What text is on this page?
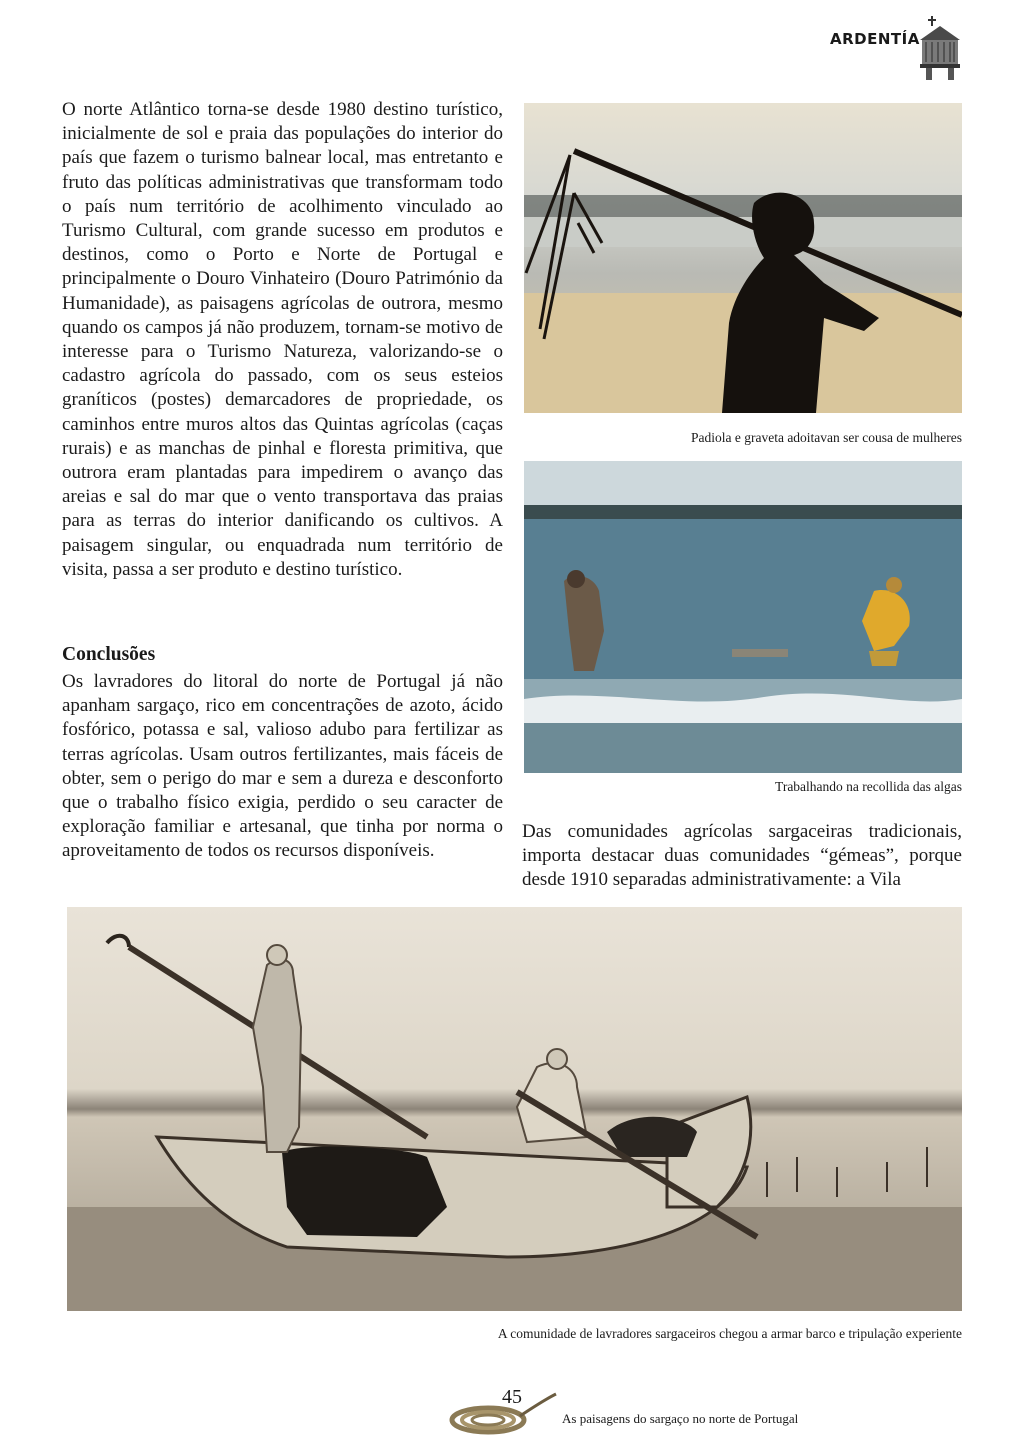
ARDENTÍA
O norte Atlântico torna-se desde 1980 destino turístico, inicialmente de sol e praia das populações do interior do país que fazem o turismo balnear local, mas entretanto e fruto das políticas administrativas que transformam todo o país num território de acolhimento vinculado ao Turismo Cultural, com grande sucesso em produtos e destinos, como o Porto e Norte de Portugal e principalmente o Douro Vinhateiro (Douro Património da Humanidade), as paisagens agrícolas de outrora, mesmo quando os campos já não produzem, tornam-se motivo de interesse para o Turismo Natureza, valorizando-se o cadastro agrícola do passado, com os seus esteios graníticos (postes) demarcadores de propriedade, os caminhos entre muros altos das Quintas agrícolas (caças rurais) e as manchas de pinhal e floresta primitiva, que outrora eram plantadas para impedirem o avanço das areias e sal do mar que o vento transportava das praias para as terras do interior danificando os cultivos. A paisagem singular, ou enquadrada num território de visita, passa a ser produto e destino turístico.
Conclusões
Os lavradores do litoral do norte de Portugal já não apanham sargaço, rico em concentrações de azoto, ácido fosfórico, potassa e sal, valioso adubo para fertilizar as terras agrícolas. Usam outros fertilizantes, mais fáceis de obter, sem o perigo do mar e sem a dureza e desconforto que o trabalho físico exigia, perdido o seu caracter de exploração familiar e artesanal, que tinha por norma o aproveitamento de todos os recursos disponíveis.
Padiola e graveta adoitavan ser cousa de mulheres
Trabalhando na recollida das algas
Das comunidades agrícolas sargaceiras tradicionais, importa destacar duas comunidades “gémeas”, porque desde 1910 separadas administrativamente: a Vila
A comunidade de lavradores sargaceiros chegou a armar barco e tripulação experiente
45
As paisagens do sargaço no norte de Portugal
